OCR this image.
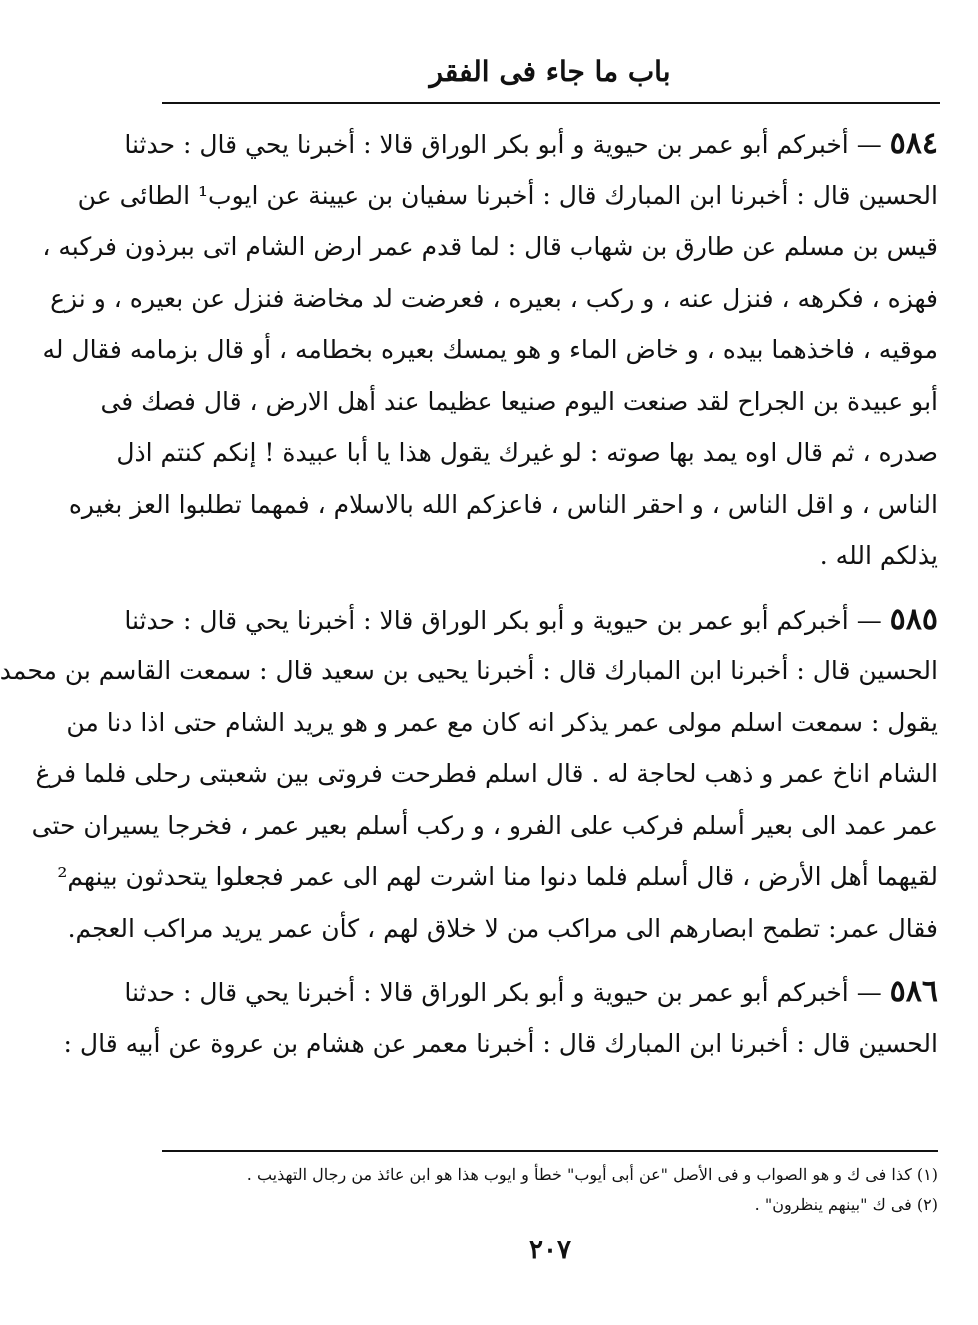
باب ما جاء فى الفقر
٥٨٤ — أخبركم أبو عمر بن حيوية و أبو بكر الوراق قالا : أخبرنا يحي قال : حدثنا
الحسين قال : أخبرنا ابن المبارك قال : أخبرنا سفيان بن عيينة عن ايوب¹ الطائى عن
قيس بن مسلم عن طارق بن شهاب قال : لما قدم عمر ارض الشام اتى ببرذون فركبه ،
فهزه ، فكرهه ، فنزل عنه ، و ركب ، بعيره ، فعرضت لد مخاضة فنزل عن بعيره ، و نزع
موقيه ، فاخذهما بيده ، و خاض الماء و هو يمسك بعيره بخطامه ، أو قال بزمامه فقال له
أبو عبيدة بن الجراح لقد صنعت اليوم صنيعا عظيما عند أهل الارض ، قال فصك فى
صدره ، ثم قال اوه يمد بها صوته : لو غيرك يقول هذا يا أبا عبيدة ! إنكم كنتم اذل
الناس ، و اقل الناس ، و احقر الناس ، فاعزكم الله بالاسلام ، فمهما تطلبوا العز بغيره
يذلكم الله .
٥٨٥ — أخبركم أبو عمر بن حيوية و أبو بكر الوراق قالا : أخبرنا يحي قال : حدثنا
الحسين قال : أخبرنا ابن المبارك قال : أخبرنا يحيى بن سعيد قال : سمعت القاسم بن محمد
يقول : سمعت اسلم مولى عمر يذكر انه كان مع عمر و هو يريد الشام حتى اذا دنا من
الشام اناخ عمر و ذهب لحاجة له . قال اسلم فطرحت فروتى بين شعبتى رحلى فلما فرغ
عمر عمد الى بعير أسلم فركب على الفرو ، و ركب أسلم بعير عمر ، فخرجا يسيران حتى
لقيهما أهل الأرض ، قال أسلم فلما دنوا منا اشرت لهم الى عمر فجعلوا يتحدثون بينهم²
فقال عمر: تطمح ابصارهم الى مراكب من لا خلاق لهم ، كأن عمر يريد مراكب العجم.
٥٨٦ — أخبركم أبو عمر بن حيوية و أبو بكر الوراق قالا : أخبرنا يحي قال : حدثنا
الحسين قال : أخبرنا ابن المبارك قال : أخبرنا معمر عن هشام بن عروة عن أبيه قال :
(١) كذا فى ك و هو الصواب و فى الأصل "عن أبى أيوب" خطأ و ايوب هذا هو ابن عائذ من رجال التهذيب .
(٢) فى ك "بينهم ينظرون" .
٢٠٧
